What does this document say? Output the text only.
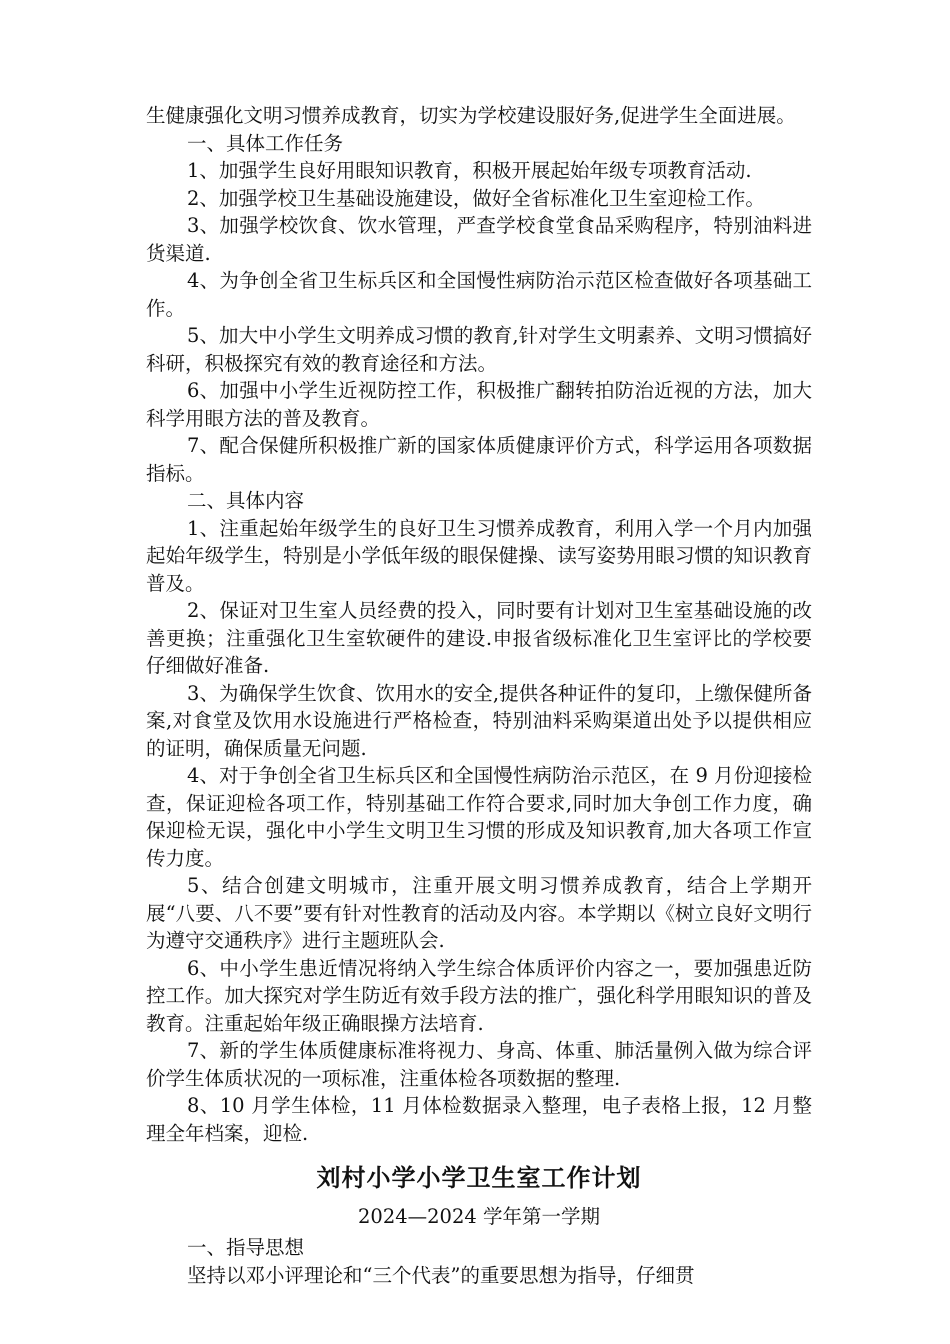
生健康强化文明习惯养成教育，切实为学校建设服好务,促进学生全面进展。

一、具体工作任务

1、加强学生良好用眼知识教育，积极开展起始年级专项教育活动.

2、加强学校卫生基础设施建设，做好全省标准化卫生室迎检工作。

3、加强学校饮食、饮水管理，严查学校食堂食品采购程序，特别油料进货渠道.

4、为争创全省卫生标兵区和全国慢性病防治示范区检查做好各项基础工作。

5、加大中小学生文明养成习惯的教育,针对学生文明素养、文明习惯搞好科研，积极探究有效的教育途径和方法。

6、加强中小学生近视防控工作，积极推广翻转拍防治近视的方法，加大科学用眼方法的普及教育。

7、配合保健所积极推广新的国家体质健康评价方式，科学运用各项数据指标。

二、具体内容

1、注重起始年级学生的良好卫生习惯养成教育，利用入学一个月内加强起始年级学生，特别是小学低年级的眼保健操、读写姿势用眼习惯的知识教育普及。

2、保证对卫生室人员经费的投入，同时要有计划对卫生室基础设施的改善更换；注重强化卫生室软硬件的建设.申报省级标准化卫生室评比的学校要仔细做好准备.

3、为确保学生饮食、饮用水的安全,提供各种证件的复印，上缴保健所备案,对食堂及饮用水设施进行严格检查，特别油料采购渠道出处予以提供相应的证明，确保质量无问题.

4、对于争创全省卫生标兵区和全国慢性病防治示范区，在 9 月份迎接检查，保证迎检各项工作，特别基础工作符合要求,同时加大争创工作力度，确保迎检无误，强化中小学生文明卫生习惯的形成及知识教育,加大各项工作宣传力度。

5、结合创建文明城市，注重开展文明习惯养成教育，结合上学期开展“八要、八不要”要有针对性教育的活动及内容。本学期以《树立良好文明行为遵守交通秩序》进行主题班队会.

6、中小学生患近情况将纳入学生综合体质评价内容之一，要加强患近防控工作。加大探究对学生防近有效手段方法的推广，强化科学用眼知识的普及教育。注重起始年级正确眼操方法培育.

7、新的学生体质健康标准将视力、身高、体重、肺活量例入做为综合评价学生体质状况的一项标准，注重体检各项数据的整理.

8、10 月学生体检，11 月体检数据录入整理，电子表格上报，12 月整理全年档案，迎检.

刘村小学小学卫生室工作计划

2024—2024 学年第一学期

一、指导思想

坚持以邓小评理论和“三个代表”的重要思想为指导，仔细贯
